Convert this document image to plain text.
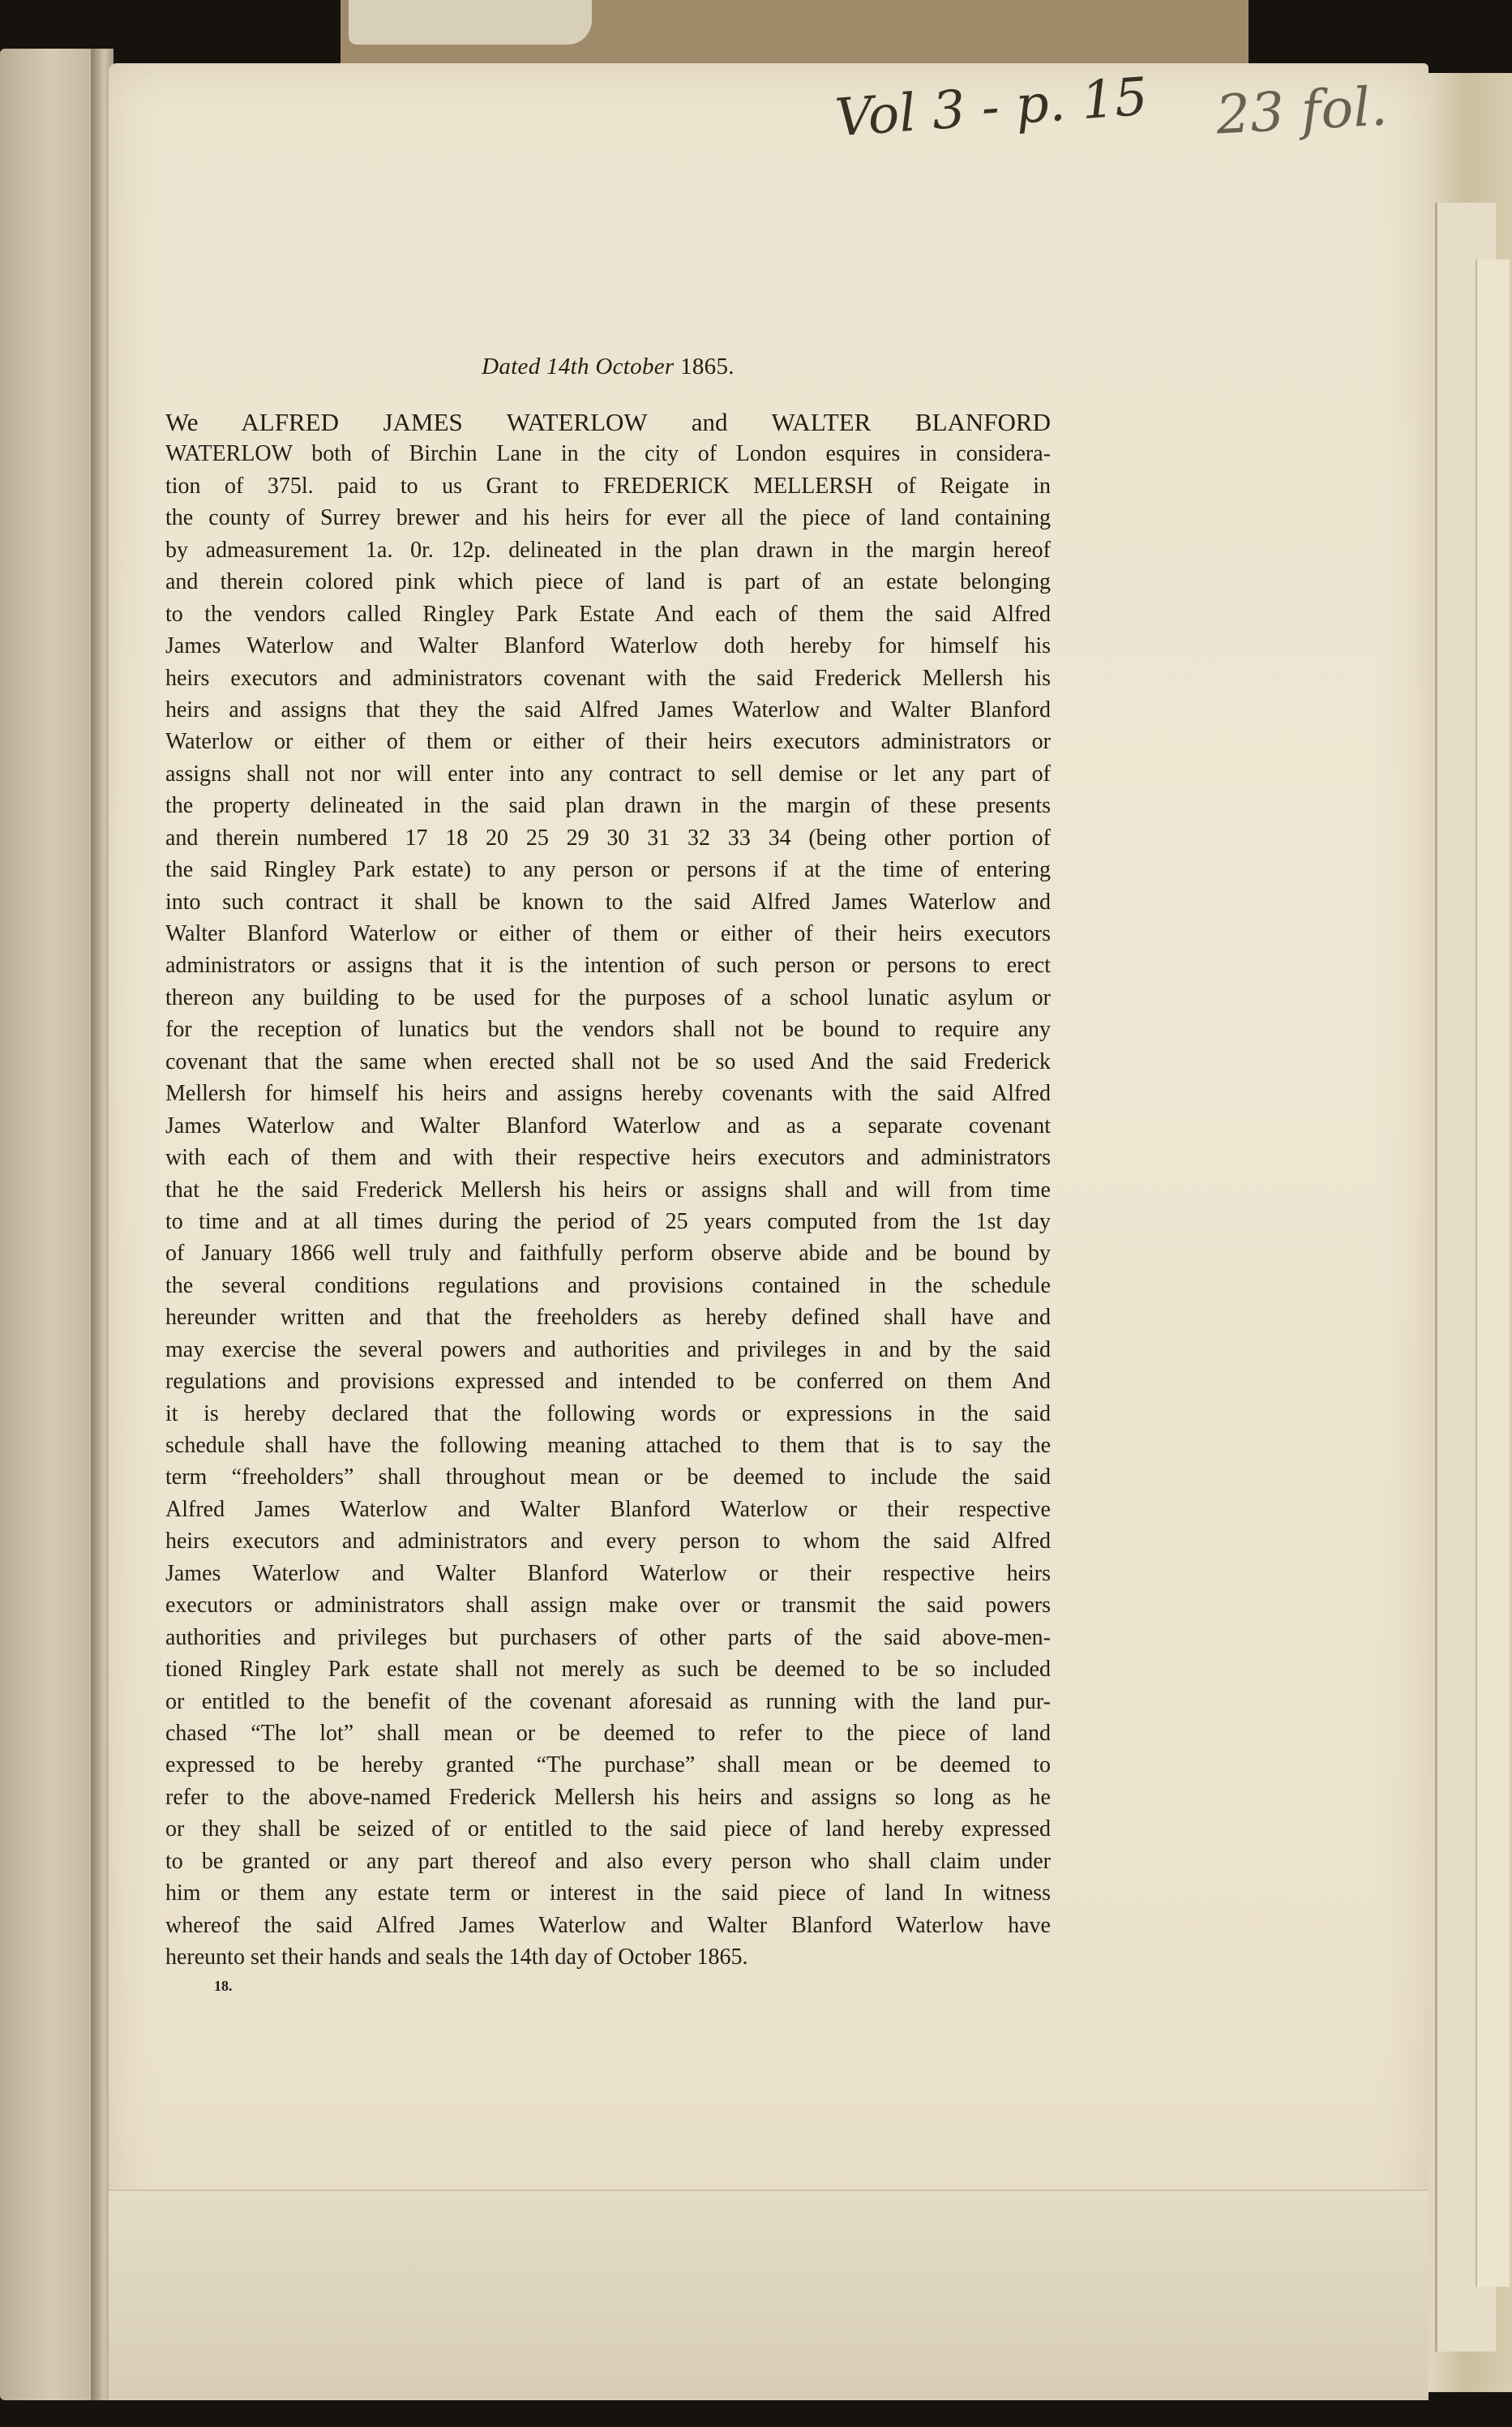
Vol 3 - p. 15 23 fol.
Dated 14th October 1865.
We ALFRED JAMES WATERLOW and WALTER BLANFORD
WATERLOW both of Birchin Lane in the city of London esquires in considera-
tion of 375l. paid to us Grant to FREDERICK MELLERSH of Reigate in
the county of Surrey brewer and his heirs for ever all the piece of land containing
by admeasurement 1a. 0r. 12p. delineated in the plan drawn in the margin hereof
and therein colored pink which piece of land is part of an estate belonging
to the vendors called Ringley Park Estate And each of them the said Alfred
James Waterlow and Walter Blanford Waterlow doth hereby for himself his
heirs executors and administrators covenant with the said Frederick Mellersh his
heirs and assigns that they the said Alfred James Waterlow and Walter Blanford
Waterlow or either of them or either of their heirs executors administrators or
assigns shall not nor will enter into any contract to sell demise or let any part of
the property delineated in the said plan drawn in the margin of these presents
and therein numbered 17 18 20 25 29 30 31 32 33 34 (being other portion of
the said Ringley Park estate) to any person or persons if at the time of entering
into such contract it shall be known to the said Alfred James Waterlow and
Walter Blanford Waterlow or either of them or either of their heirs executors
administrators or assigns that it is the intention of such person or persons to erect
thereon any building to be used for the purposes of a school lunatic asylum or
for the reception of lunatics but the vendors shall not be bound to require any
covenant that the same when erected shall not be so used And the said Frederick
Mellersh for himself his heirs and assigns hereby covenants with the said Alfred
James Waterlow and Walter Blanford Waterlow and as a separate covenant
with each of them and with their respective heirs executors and administrators
that he the said Frederick Mellersh his heirs or assigns shall and will from time
to time and at all times during the period of 25 years computed from the 1st day
of January 1866 well truly and faithfully perform observe abide and be bound by
the several conditions regulations and provisions contained in the schedule
hereunder written and that the freeholders as hereby defined shall have and
may exercise the several powers and authorities and privileges in and by the said
regulations and provisions expressed and intended to be conferred on them And
it is hereby declared that the following words or expressions in the said
schedule shall have the following meaning attached to them that is to say the
term “freeholders” shall throughout mean or be deemed to include the said
Alfred James Waterlow and Walter Blanford Waterlow or their respective
heirs executors and administrators and every person to whom the said Alfred
James Waterlow and Walter Blanford Waterlow or their respective heirs
executors or administrators shall assign make over or transmit the said powers
authorities and privileges but purchasers of other parts of the said above-men-
tioned Ringley Park estate shall not merely as such be deemed to be so included
or entitled to the benefit of the covenant aforesaid as running with the land pur-
chased “The lot” shall mean or be deemed to refer to the piece of land
expressed to be hereby granted “The purchase” shall mean or be deemed to
refer to the above-named Frederick Mellersh his heirs and assigns so long as he
or they shall be seized of or entitled to the said piece of land hereby expressed
to be granted or any part thereof and also every person who shall claim under
him or them any estate term or interest in the said piece of land In witness
whereof the said Alfred James Waterlow and Walter Blanford Waterlow have
hereunto set their hands and seals the 14th day of October 1865.
18.
